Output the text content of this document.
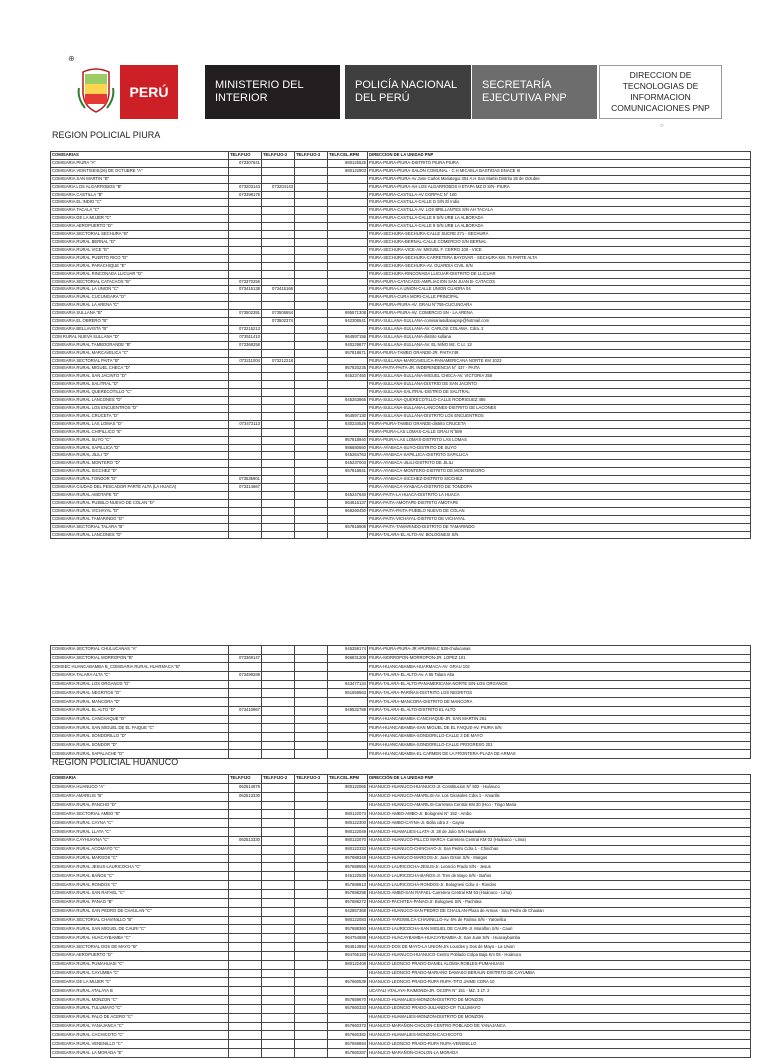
⊕
PERÚ	MINISTERIO DEL INTERIOR
POLICÍA NACIONAL DEL PERÚ
SECRETARÍA EJECUTIVA PNP
DIRECCION DE TECNOLOGIAS DE INFORMACION COMUNICACIONES PNP
○
REGION POLICIAL PIURA
COMISARIAS	TELF.FIJO	TELF.FIJO-2	TELF.FIJO-3	TELF.CEL.RPM	DIRECCION DE LA UNIDAD PNP
COMISARIA PIURA "A"	073307641			980125525	PIURA-PIURA-PIURA-DISTRITO PIURA PIURA
COMISARIA VEINTISEIS(26) DE OCTUBRE "A"				980122903	PIURA-PIURA-PIURA-SALON COMUNAL - C.H MICAELA BASTIDAS ENACE III
COMISARIA SAN MARTIN "B"					PIURA-PIURA-PIURA-Av Jose Carlos Mariategui 304 A.H San Martin Distrito 26 de Octubre
COMISARIA LOS ALGARROBOS "B"	073203143	073204143			PIURA-PIURA-PIURA-AH LOS ALGARROBOS II ETAPA MZ D S/N- PIURA
COMISARIA CASTILLA "B"	073398178				PIURA-PIURA-CASTILLA-AV CORPAC N° 100
COMISARIA EL INDIO "C"					PIURA-PIURA-CASTILLA-CALLE D S/N El Indio
COMISARIA TACALA "C"					PIURA-PIURA-CASTILLA-AV. LOS BRILLANTES S/N AH TACALA
COMISARIA DE LA MUJER "C"					PIURA-PIURA-CASTILLA-CALLE 9 S/N URB LA ALBORADA
COMISARIA AEROPUERTO "D"					PIURA-PIURA-CASTILLA-CALLE 9 S/N URB LA ALBORADA
COMISARIA SECTORIAL SECHURA "B"					PIURA-SECHURA-SECHURA-CALLE SUCRE 271 - SECHURA
COMISARIA RURAL BERNAL "D"					PIURA-SECHURA-BERNAL-CALLE COMERCIO S/N BERNAL
COMISARIA RURAL VICE "D"					PIURA-SECHURA-VICE-AV. MIGUEL F. CERRO 100 - VICE
COMISARIA RURAL PUERTO RICO "D"					PIURA-SECHURA-SECHURA-CARRETERA BAYOVAR - SECHURA KM. 75 PARTE ALTA
COMISARIA RURAL PARACHIQUE "E"					PIURA-SECHURA-SECHURA-AV. GUARDIA CIVIL S/N
COMISARIA RURAL RINCONADA LLICUAR "D"					PIURA-SECHURA-RINCONADA LLICUAR-DISTRITO DE LLICUAR
COMISARIA SECTORIAL CATACAOS "B"	073370256				PIURA-PIURA-CATACAOS-AMPLIACION SAN JUAN B- CATACOS
COMISARIA RURAL LA UNION "C"	073415138	073415166			PIURA-PIURA-LA UNION-CALLE UNION CUADRA 04
COMISARIA RURAL CUCUNGARA "D"					PIURA-PIURA-CURA MORI-CALLE PRINCIPAL
COMISARIA RURAL LA ARENA "C"					PIURA-PIURA-PIURA-AV. GRAU N°755-CUCUNGARA
COMISARIA SULLANA "B"	073502391	073506654		995571308	PIURA-PIURA-PIURA-AV. COMERCIO SN - LA ARENA
COMISARIA EL OBRERO "B"		073502374		942306541	PIURA-SULLANA-SULLANA-comisariasullanapnp@hotmail.com
COMISARIA BELLAVISTA "B"	073215213				PIURA-SULLANA-SULLANA-AV. CARLOS COLAMA. Cdra. 2
COM RURAL NUEVA SULLANA "D"	073511410			964597156	PIURA-SULLANA-SULLANA-distrito sullana
COMISARIA RURAL TAMBOGRANDE "B"	073368258			940229677	PIURA-SULLANA-SULLANA-AV. EL NIÑO Mz. C Lt. 13
COMISARIA RURAL MARCAVELICA "C"				957818671	PIURA-PIURA-TAMBO GRANDE-JR. PAITA749
COMISARIA SECTORIAL PAITA "B"	073211004	073212218			PIURA-SULLANA-MARCAVELICA-PANAMERICANA NORTE KM 1023
COMISARIA RURAL MIGUEL CHECA "D"				957820235	PIURA-PAITA-PAITA-JR. INDEPENDENCIA N° 437 - PAITA
COMISARIA RURAL SAN JACINTO "D"				945237450	PIURA-SULLANA-SULLANA-MIGUEL CHECA-AV. VICTORIA 358
COMISARIA RURAL SALITRAL "D"					PIURA-SULLANA-SULLANA-DISTRIO DE SAN JACINTO
COMISARIA RURAL QUERECOTILLO "C"					PIURA-SULLANA-SALITRAL-DISTRIO DE SALITRAL
COMISARIA RURAL LANCONES "D"				945263865	PIURA-SULLANA-QUERECOTILLO-CALLE RODRIGUEZ 485
COMISARIA RURAL LOS ENCUENTROS "D"					PIURA-SULLANA-SULLANA-LANCONES-DISTRITO DE LACONES
COMISARIA RURAL CRUCETA "D"				964597130	PIURA-SULLANA-SULLANA-DISTRITO LOS ENCUENTROS
COMISARIA RURAL LAS LOMAS "D"	073472113			930234526	PIURA-PIURA-TAMBO GRANDE-distrito CRUCETA
COMISARIA RURAL CHIPILLICO "E"					PIURA-PIURA-LAS LOMAS-CALLE GRAU N°599
COMISARIA RURAL SUYO "C"				957818940	PIURA-PIURA-LAS LOMAS-DISTRITO LAS LOMAS
COMISARIA RURAL SAPILLICA "D"				986680660	PIURA-AYABACA-SUYO-DISTRITO DE SUYO
COMISARIA RURAL JILILI "D"				945264763	PIURA-AYABACA-SAPILLICA-DISTRITO SAPILLICA
COMISARIA RURAL MONTERO "D"				945237003	PIURA-AYABACA-JILILI-DISTRITO DE JILILI
COMISARIA RURAL SICCHEZ "D"				957818641	PIURA-AYABACA-MONTERO-DISTRITO DE MONTENEGRO
COMISARIA RURAL TONDOR "D"	073535901				PIURA-AYABACA-SICCHEZ-DISTRITO SICCHEZ
COMISARIA CIUDAD DEL PESCADOR PARTE ALTA (LA HUACA)	073314667				PIURA-AYABACA-AYABACA-DISTRITO DE TONDOPA
COMISARIA RURAL AMOTAPE "D"				945247640	PIURA-PAITA-LA HUACA-DISTRITO LA HUACA
COMISARIA RURAL PUEBLO NUEVO DE COLAN "D"				964615137	PIURA-PAITA-AMOTAPE-DISTRITO AMOTAPE
COMISARIA RURAL VICHAYAL "D"				969260450	PIURA-PAITA-PAITA-PUEBLO NUEVO DE COLAN
COMISARIA RURAL TAMARINDO "D"					PIURA-PAITA-VICHAYAL-DISTRITO DE VICHAYAL
COMISARIA SECTORIAL TALARA "B"				957818608	PIURA-PAITA-TAMARINDO-DISTRITO DE TAMARINDO
COMISARIA RURAL LANCONES "D"					PIURA-TALARA-EL ALTO-AV. BOLOGNESI S/N
COMISARIA SECTORIAL CHULUCANAS "A"				945259174	PIURA-PIURA-PIURA-JR APURIMAC 528-chulucanas
COMISARIA SECTORIAL MORROPON "B"	073369147			966831209	PIURA-MORROPON-MORROPON-JR. LOPEZ 101
COMSEC HUANCABAMBA B_COMISARIA RURAL HUARMACA "B"					PIURA-HUANCABAMBA-HUARMACA-AV. GRAU 102
COMISARIA TALARA ALTA "C"	073499289				PIURA-TALARA-EL ALTO-Av. A 55 Talara Alta
COMISARIA RURAL LOS ORGANOS "D"				943477134	PIURA-TALARA-EL ALTO-PANAMERICANA NORTE S/N-LOS ORGANOS
COMISARIA RURAL NEGRITOS "D"				951559563	PIURA-TALARA-PARIÑAS-DISTRITO LOS NEGRITOS
COMISARIA RURAL MANCORA "D"					PIURA-TALARA-MANCORA-DISTRITO DE MANCORA
COMISARIA RURAL EL ALTO "D"	073410967			949532788	PIURA-TALARA-EL ALTO-DISTRITO EL ALTO
COMISARIA RURAL CANCHAQUE "D"					PIURA-HUANCABAMBA-CANCHAQUE-JR. SAN MARTIN 261
COMISARIA RURAL SAN MIGUEL DE EL FAIQUE "C"					PIURA-HUANCABAMBA-SAN MIGUEL DE EL FAIQUE-AV. PIURA S/N
COMISARIA RURAL SONDORILLO "D"					PIURA-HUANCABAMBA-SONDORILLO-CALLE 3 DE MAYO
COMISARIA RURAL SONDOR "D"					PIURA-HUANCABAMBA-SONDORILLO-CALLE PROGRESO 201
COMISARIA RURAL SAPALACHE "D"					PIURA-HUANCABAMBA-EL CARMEN DE LA FRONTERA-PLAZA DE ARMAS
REGION POLICIAL HUANUCO
COMISARIA	TELF.FIJO	TELF.FIJO-2	TELF.FIJO-3	TELF.CEL.RPM	DIRECCIÓN DE LA UNIDAD PNP
COMISARIA HUANUCO "A"	062514876			980122065	HUANUCO-HUANUCO-HUANUCO-Jr. Constitucion N° 502 - Huánuco
COMISARIA AMARILIS "B"	062513330				HUANUCO-HUANUCO-AMARILIS-Av. Los Girasoles Cdra 1 - Amarilis
COMISARIA RURAL PANCHO "D"					HUANUCO-HUANUCO-AMARILIS-Carretera Central KM 20 (Hco - Tingo Maria
COMISARIA SECTORIAL AMBO "B"				980122073	HUANUCO-AMBO-AMBO-Jr. Bolognesi N° 152 - Ambo
COMISARIA RURAL CAYNA "C"				980122300	HUANUCO-AMBO-CAYNA-Jr. Bolla cdra 2 - Cayna
COMISARIA RURAL LLATA "C"				980122049	HUANUCO-HUAMALIES-LLATA-Jr. 28 de Julio S/N Huamalies
COMISARIA CAYHUAYNA "C"	062513330			980122070	HUANUCO-HUANUCO-PILLCO MARCA-Carretera Central KM 02 (Huánuco - Lima)
COMISARIA RURAL ACOMAYO "C"				980122333	HUANUCO-HUANUCO-CHINCHAO-Jr. San Pedro Cdra 1 - Chinchao
COMISARIA RURAL MARGOS "C"				957688348	HUANUCO-HUANUCO-MARGOS-Jr. Juan Orson S/N - Margos
COMISARIA RURAL JESUS-LAURICOCHA "C"				957688556	HUANUCO-LAURICOCHA-JESUS-Jr. Leoncio Prado S/N - Jesus
COMISARIA RURAL BAÑOS "C"				945122530	HUANUCO-LAURICOCHA-BAÑOS-Jr. Tres de Mayo S/N - Baños
COMISARIA RURAL RONDOS "C"				957688813	HUANUCO-LAURICOCHA-RONDOS-Jr. Bolognesi Cdra 4 - Rondos
COMISARIA RURAL SAN RAFAEL "C"				957688298	HUANUCO-AMBO-SAN RAFAEL-Carretera Central KM 53 (Huánuco - Lima)
COMISARIA RURAL PANAO "B"				957688272	HUANUCO-PACHITEA-PANAO-Jr. Bolognesi S/N - Pachitea
COMISARIA RURAL SAN PEDRO DE CHAULAN "C"				942857368	HUANUCO-HUANUCO-SAN PEDRO DE CHAULAN-Plaza de Armas - San Pedro de Chaulan
COMISARIA SECTORIAL CHAVINILLO "B"				980122083	HUANUCO-YAROWILCA-CHAVINILLO-Av. 6% de Fatima S/N - Yarowilca
COMISARIA RURAL SAN MIGUEL DE CAURI "C"				957688360	HUANUCO-LAURICOCHA-SAN MIGUEL DE CAURI-Jr. Moraflon S/N - Cauri
COMISARIA RURAL HUACAYBAMBA "C"				964754688	HUANUCO-HUACAYBAMBA-HUACAYBAMBA-Jr. San Juan S/N - Huacaybamba
COMISARIA SECTORIAL DOS DE MAYO "B"				964613894	HUANUCO-DOS DE MAYO-LA UNION-Jrs Lourdes y Dos de Mayo - La Union
COMISARIA AEROPUERTO "D"				964765193	HUANUCO-HUANUCO-HUANUCO-Centro Poblado Colpa Baja Km 05 - Huánuco
COMISARIA RURAL PUMAHUASI "C"				980122408	HUANUCO-LEONCIO PRADO-DANIEL ALOMIA ROBLES-PUMAHUASI
COMISARIA RURAL CAYUMBA "C"					HUANUCO-LEONCIO PRADO-MARIANO DAMASO BERAUN-DISTRITO DE CAYUMBA
COMISARIA DE LA MUJER "C"				957660539	HUANUCO-LEONCIO PRADO-RUPA RUPA-TITO JAIME CDRA 10
COMISARIA RURAL ATALAYA B					UCAYALI-ATALAYA-RAIMONDI-JR. OCOPA N° 151 - MZ. 3 LT. 2
COMISARIA RURAL MONZON "C"				957659670	HUANUCO-HUAMALIES-MONZON-DISTRITO DE MONZON
COMISARIA RURAL TULUMAYO "C"				957660333	HUANUCO-LEONCIO PRADO-JULIANDO-CP. TULUMAYO
COMISARIA RURAL PALO DE ACERO "C"					HUANUCO-HUAMALIES-MONZON-DISTRITO DE MONZON
COMISARIA RURAL YANAJANCA "C"				957660373	HUANUCO-MARAÑON-CHOLON-CENTRO POBLADO DE YANAJANCA
COMISARIA RURAL CACHICOTO "C"				957660382	HUANUCO-HUAMALIES-MONZON-CACHICOTO
COMISARIA RURAL VENENILLO "C"				957659894	HUANUCO-LEONCIO PRADO-RUPA RUPA-VENENILLO
COMISARIA RURAL LA MORADA "E"				957660287	HUANUCO-MARAÑON-CHOLON-LA MORADA
